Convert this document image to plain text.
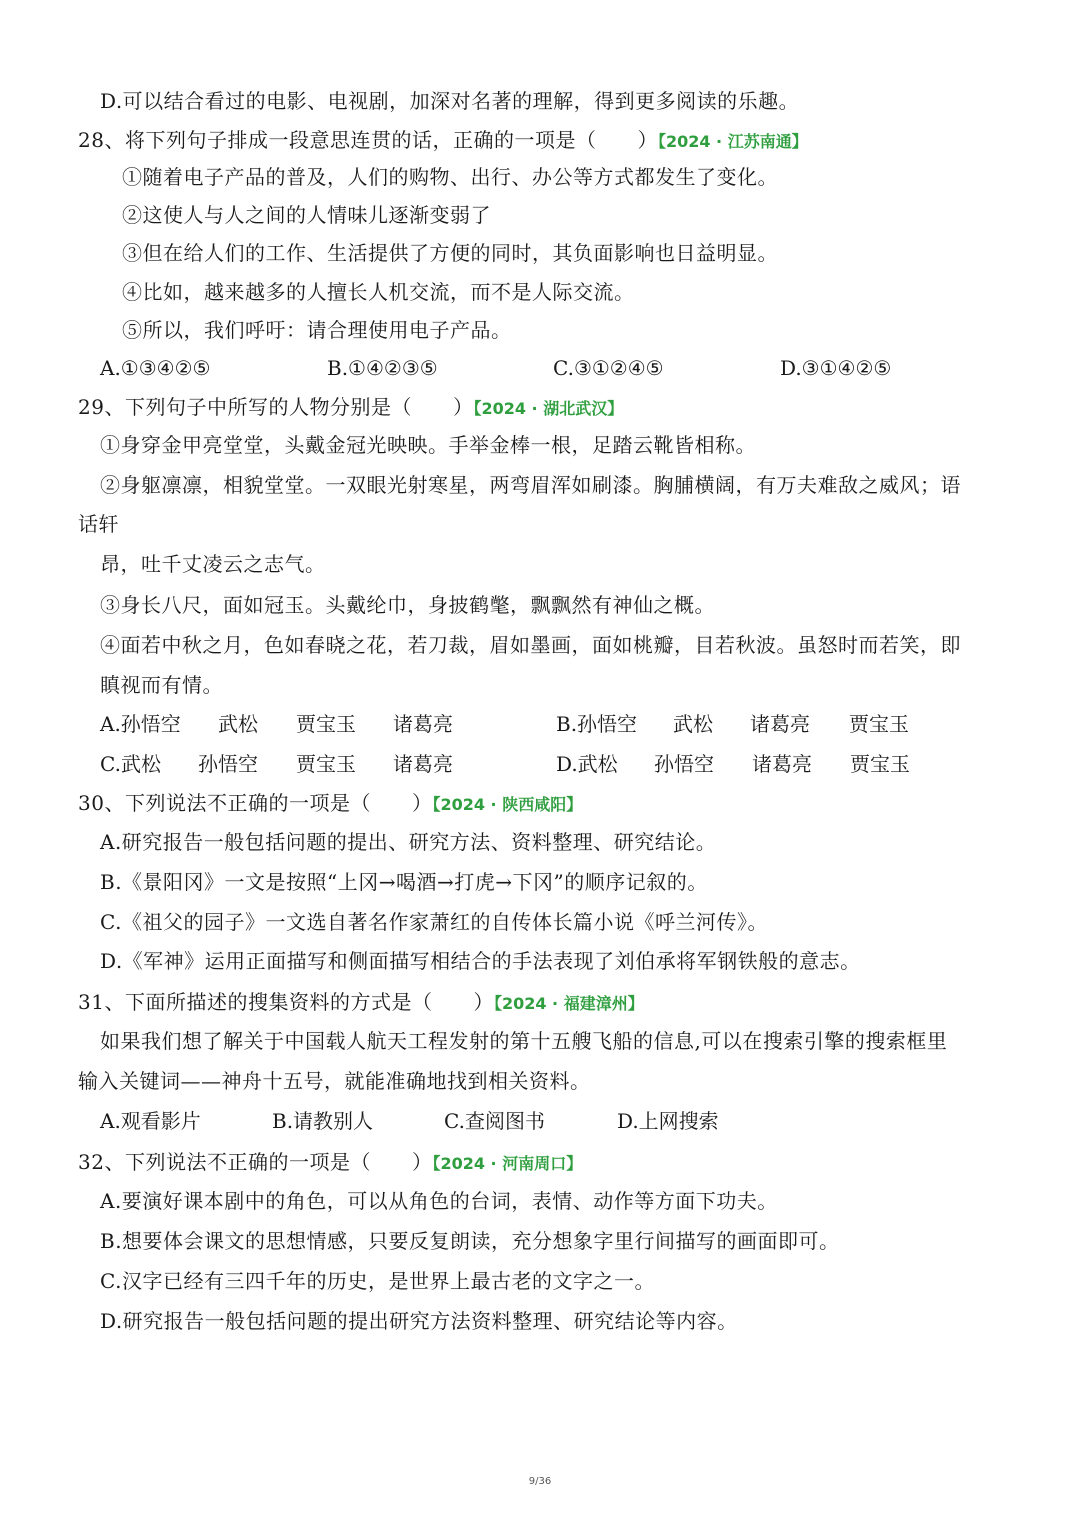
D.可以结合看过的电影、电视剧，加深对名著的理解，得到更多阅读的乐趣。
28、将下列句子排成一段意思连贯的话，正确的一项是（　　）【2024 · 江苏南通】
①随着电子产品的普及，人们的购物、出行、办公等方式都发生了变化。
②这使人与人之间的人情味儿逐渐变弱了
③但在给人们的工作、生活提供了方便的同时，其负面影响也日益明显。
④比如，越来越多的人擅长人机交流，而不是人际交流。
⑤所以，我们呼吁：请合理使用电子产品。
A.①③④②⑤	B.①④②③⑤	C.③①②④⑤	D.③①④②⑤
29、下列句子中所写的人物分别是（　　）【2024 · 湖北武汉】
①身穿金甲亮堂堂，头戴金冠光映映。手举金棒一根，足踏云靴皆相称。
②身躯凛凛，相貌堂堂。一双眼光射寒星，两弯眉浑如刷漆。胸脯横阔，有万夫难敌之威风；语
话轩
昂，吐千丈凌云之志气。
③身长八尺，面如冠玉。头戴纶巾，身披鹤氅，飘飘然有神仙之概。
④面若中秋之月，色如春晓之花，若刀裁，眉如墨画，面如桃瓣，目若秋波。虽怒时而若笑，即
瞋视而有情。
A.孙悟空 武松 贾宝玉 诸葛亮	B.孙悟空 武松 诸葛亮 贾宝玉
C.武松 孙悟空 贾宝玉 诸葛亮	D.武松 孙悟空 诸葛亮 贾宝玉
30、下列说法不正确的一项是（　　）【2024 · 陕西咸阳】
A.研究报告一般包括问题的提出、研究方法、资料整理、研究结论。
B.《景阳冈》一文是按照“上冈→喝酒→打虎→下冈”的顺序记叙的。
C.《祖父的园子》一文选自著名作家萧红的自传体长篇小说《呼兰河传》。
D.《军神》运用正面描写和侧面描写相结合的手法表现了刘伯承将军钢铁般的意志。
31、下面所描述的搜集资料的方式是（　　）【2024 · 福建漳州】
如果我们想了解关于中国载人航天工程发射的第十五艘飞船的信息,可以在搜索引擎的搜索框里
输入关键词——神舟十五号，就能准确地找到相关资料。
A.观看影片	B.请教别人	C.查阅图书	D.上网搜索
32、下列说法不正确的一项是（　　）【2024 · 河南周口】
A.要演好课本剧中的角色，可以从角色的台词，表情、动作等方面下功夫。
B.想要体会课文的思想情感，只要反复朗读，充分想象字里行间描写的画面即可。
C.汉字已经有三四千年的历史，是世界上最古老的文字之一。
D.研究报告一般包括问题的提出研究方法资料整理、研究结论等内容。
9/36
